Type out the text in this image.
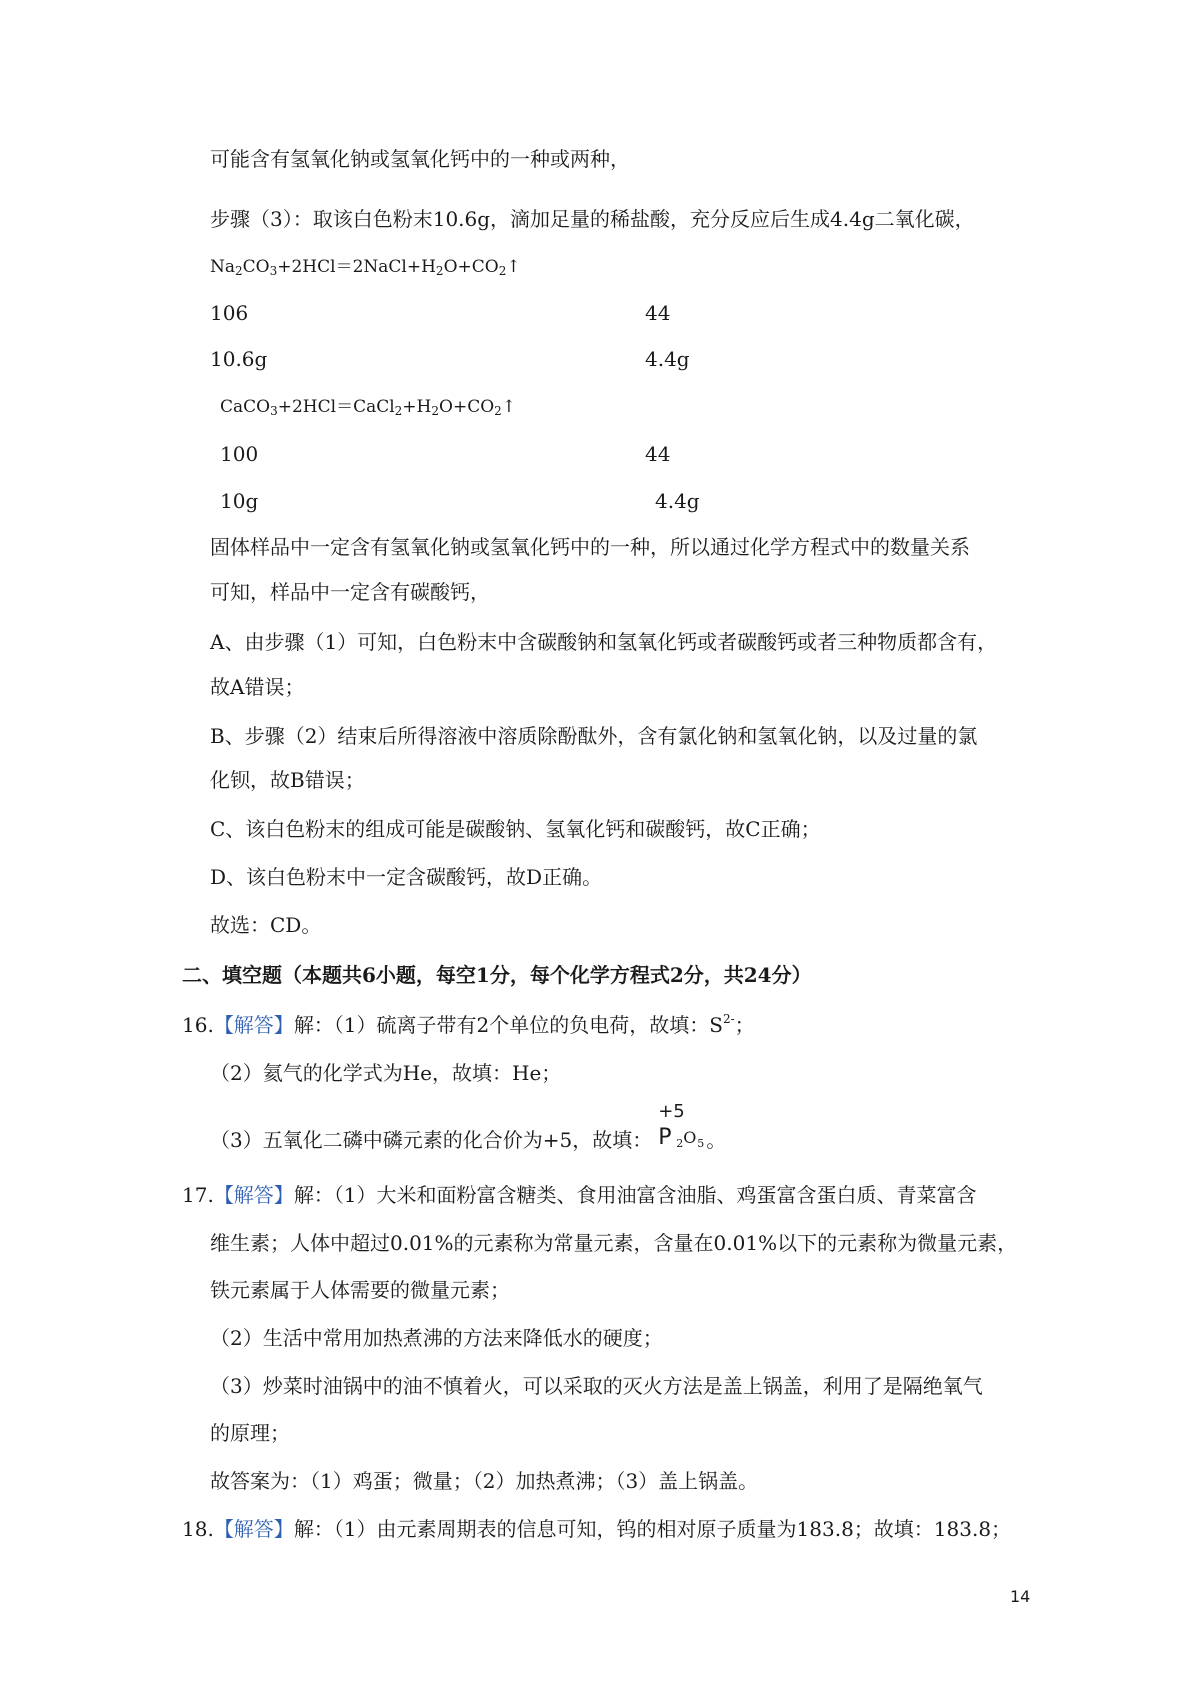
可能含有氢氧化钠或氢氧化钙中的一种或两种，
步骤（3）：取该白色粉末10.6g，滴加足量的稀盐酸，充分反应后生成4.4g二氧化碳，
$Na_2CO_3+2HCl=2NaCl+H_2O+CO_2↑$
106	44
10.6g	4.4g
$CaCO_3+2HCl=CaCl_2+H_2O+CO_2↑$
100	44
10g	4.4g
固体样品中一定含有氢氧化钠或氢氧化钙中的一种，所以通过化学方程式中的数量关系
可知，样品中一定含有碳酸钙，
A、由步骤（1）可知，白色粉末中含碳酸钠和氢氧化钙或者碳酸钙或者三种物质都含有，
故A错误；
B、步骤（2）结束后所得溶液中溶质除酚酞外，含有氯化钠和氢氧化钠，以及过量的氯
化钡，故B错误；
C、该白色粉末的组成可能是碳酸钠、氢氧化钙和碳酸钙，故C正确；
D、该白色粉末中一定含碳酸钙，故D正确。
故选：CD。
二、填空题（本题共6小题，每空1分，每个化学方程式2分，共24分）
16.【解答】解：（1）硫离子带有2个单位的负电荷，故填：$S^{2-}$；
（2）氦气的化学式为He，故填：He；
（3）五氧化二磷中磷元素的化合价为+5，故填：
+5
P 2 O 5 。
17.【解答】解：（1）大米和面粉富含糖类、食用油富含油脂、鸡蛋富含蛋白质、青菜富含
维生素；人体中超过0.01%的元素称为常量元素，含量在0.01%以下的元素称为微量元素，
铁元素属于人体需要的微量元素；
（2）生活中常用加热煮沸的方法来降低水的硬度；
（3）炒菜时油锅中的油不慎着火，可以采取的灭火方法是盖上锅盖，利用了是隔绝氧气
的原理；
故答案为：（1）鸡蛋；微量；（2）加热煮沸；（3）盖上锅盖。
18.【解答】解：（1）由元素周期表的信息可知，钨的相对原子质量为183.8；故填：183.8；
14
